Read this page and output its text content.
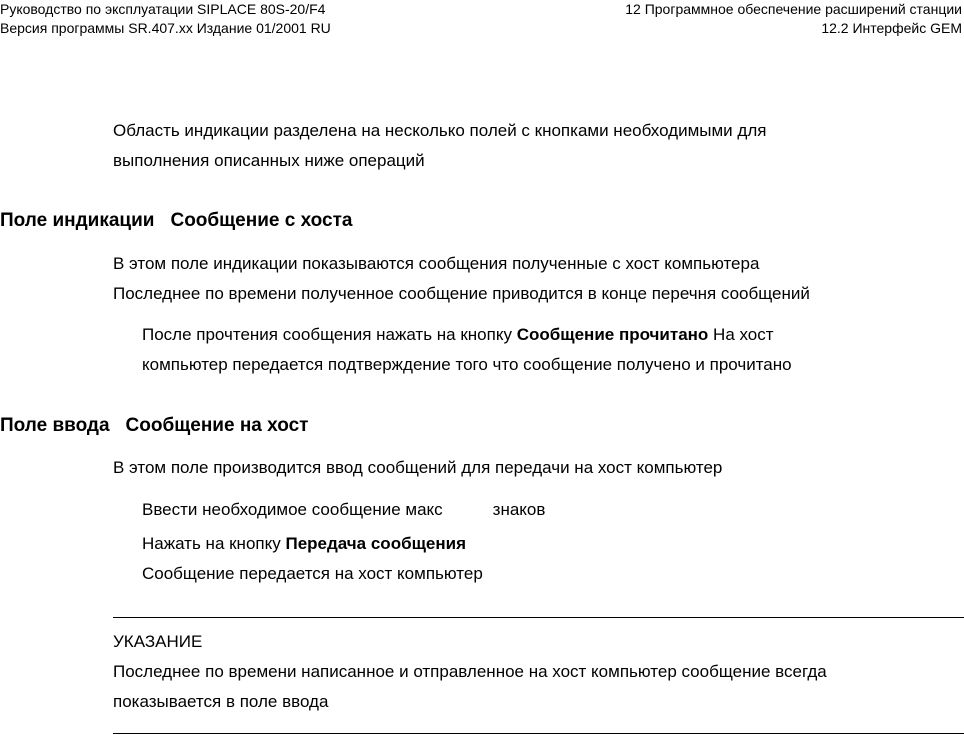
Руководство по эксплуатации SIPLACE 80S-20/F4
Версия программы SR.407.xx Издание 01/2001 RU
12 Программное обеспечение расширений станции
12.2 Интерфейс GEM
Область индикации разделена на несколько полей с кнопками необходимыми для
выполнения описанных ниже операций
Поле индикации Сообщение с хоста
В этом поле индикации показываются сообщения полученные с хост компьютера
Последнее по времени полученное сообщение приводится в конце перечня сообщений
После прочтения сообщения нажать на кнопку Сообщение прочитано На хост
компьютер передается подтверждение того что сообщение получено и прочитано
Поле ввода Сообщение на хост
В этом поле производится ввод сообщений для передачи на хост компьютер
Ввести необходимое сообщение макс	знаков
Нажать на кнопку Передача сообщения
Сообщение передается на хост компьютер
УКАЗАНИЕ
Последнее по времени написанное и отправленное на хост компьютер сообщение всегда
показывается в поле ввода
